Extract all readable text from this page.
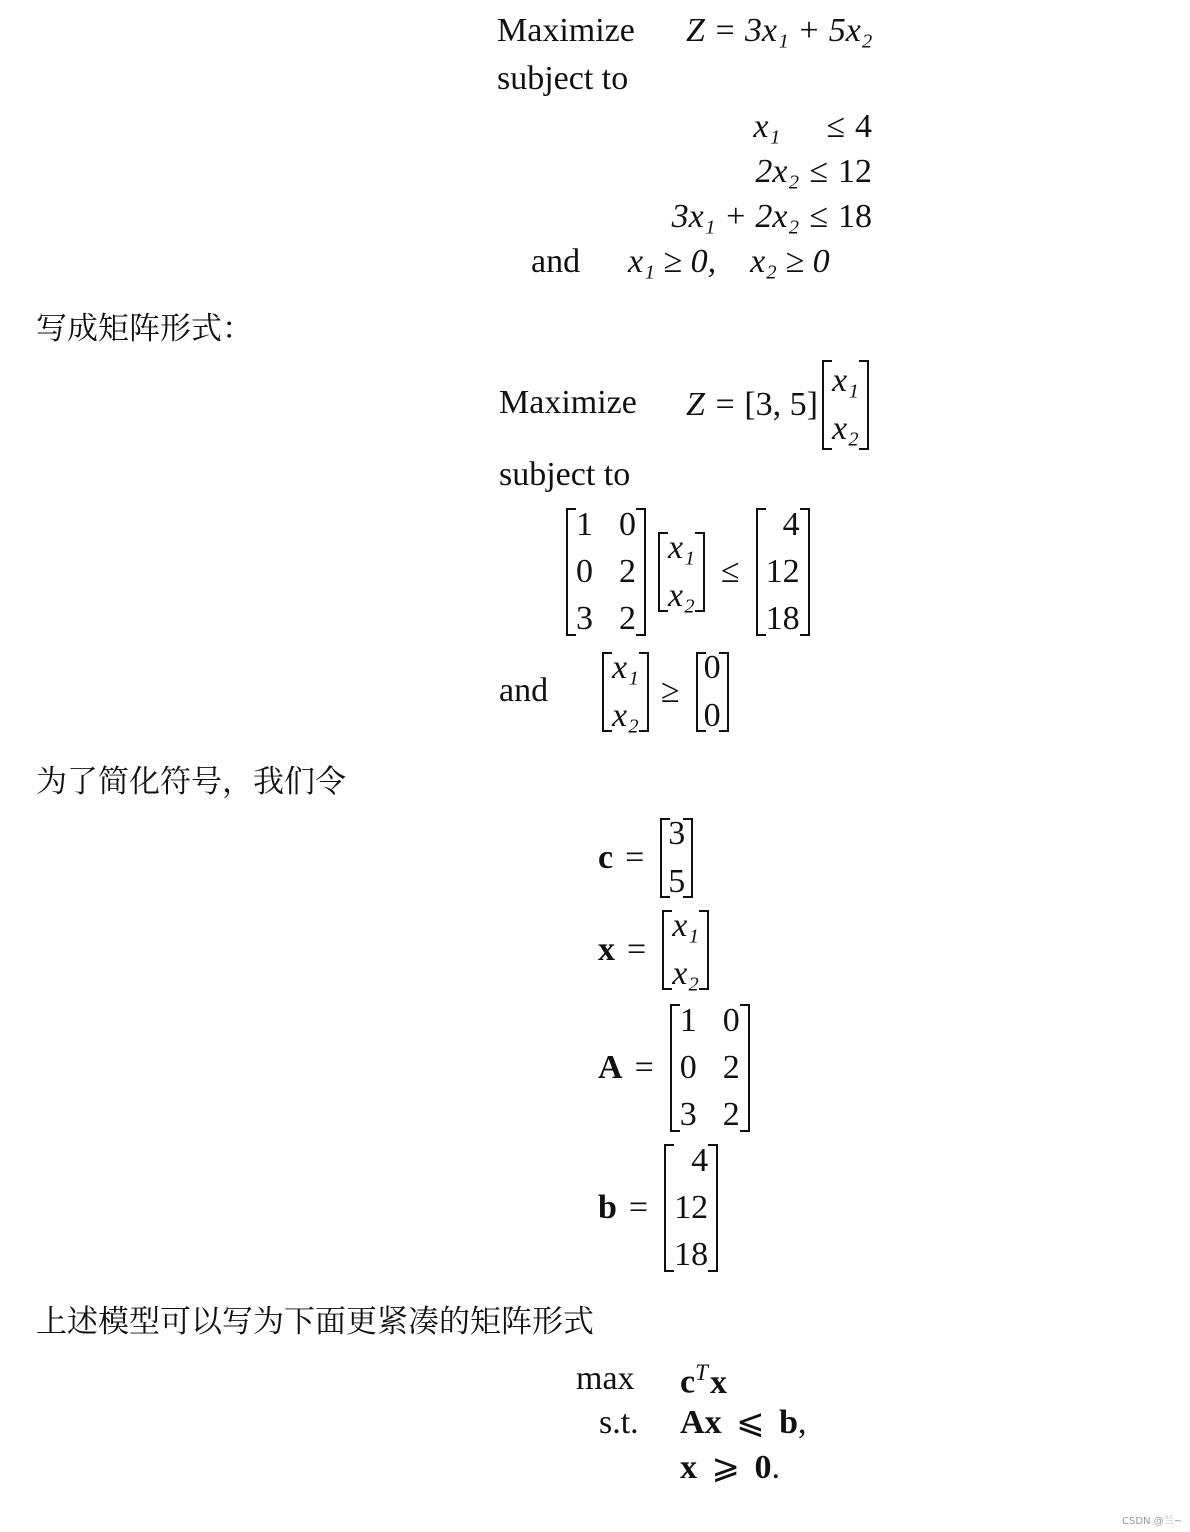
Maximize Z = 3x₁ + 5x₂
subject to
x₁ ≤ 4
2x₂ ≤ 12
3x₁ + 2x₂ ≤ 18
and x₁ ≥ 0,    x₂ ≥ 0
写成矩阵形式：
Maximize Z = [3, 5]
x₁
x₂
subject to
1 0
0 2
3 2
x₁
x₂
≤
4
12
18
and
x₁
x₂
≥
0
0
为了简化符号，我们令
c =
3
5
x =
x₁
x₂
A =
1 0
0 2
3 2
b =
4
12
18
上述模型可以写为下面更紧凑的矩阵形式
$\max c^Tx$
s.t. Ax ⩽ b,
x ⩾ 0.
CSDN @兰~
